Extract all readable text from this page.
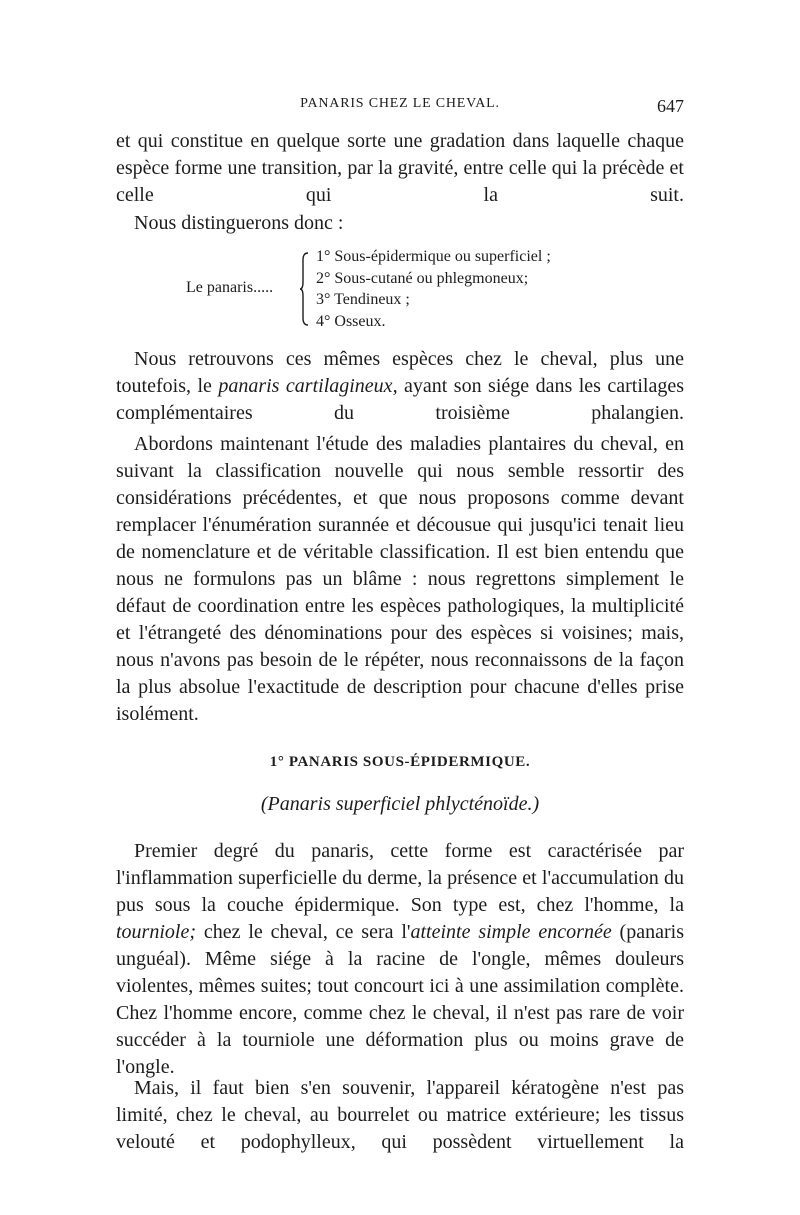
PANARIS CHEZ LE CHEVAL.	647

et qui constitue en quelque sorte une gradation dans laquelle chaque espèce forme une transition, par la gravité, entre celle qui la précède et celle qui la suit.

Nous distinguerons donc :

Le panaris.....
1° Sous-épidermique ou superficiel ;
2° Sous-cutané ou phlegmoneux;
3° Tendineux ;
4° Osseux.

Nous retrouvons ces mêmes espèces chez le cheval, plus une toutefois, le panaris cartilagineux, ayant son siége dans les cartilages complémentaires du troisième phalangien.

Abordons maintenant l'étude des maladies plantaires du cheval, en suivant la classification nouvelle qui nous semble ressortir des considérations précédentes, et que nous proposons comme devant remplacer l'énumération surannée et décousue qui jusqu'ici tenait lieu de nomenclature et de véritable classification. Il est bien entendu que nous ne formulons pas un blâme : nous regrettons simplement le défaut de coordination entre les espèces pathologiques, la multiplicité et l'étrangeté des dénominations pour des espèces si voisines; mais, nous n'avons pas besoin de le répéter, nous reconnaissons de la façon la plus absolue l'exactitude de description pour chacune d'elles prise isolément.

1° PANARIS SOUS-ÉPIDERMIQUE.
(Panaris superficiel phlycténoïde.)

Premier degré du panaris, cette forme est caractérisée par l'inflammation superficielle du derme, la présence et l'accumulation du pus sous la couche épidermique. Son type est, chez l'homme, la tourniole; chez le cheval, ce sera l'atteinte simple encornée (panaris unguéal). Même siége à la racine de l'ongle, mêmes douleurs violentes, mêmes suites; tout concourt ici à une assimilation complète. Chez l'homme encore, comme chez le cheval, il n'est pas rare de voir succéder à la tourniole une déformation plus ou moins grave de l'ongle.

Mais, il faut bien s'en souvenir, l'appareil kératogène n'est pas limité, chez le cheval, au bourrelet ou matrice extérieure; les tissus velouté et podophylleux, qui possèdent virtuellement la
